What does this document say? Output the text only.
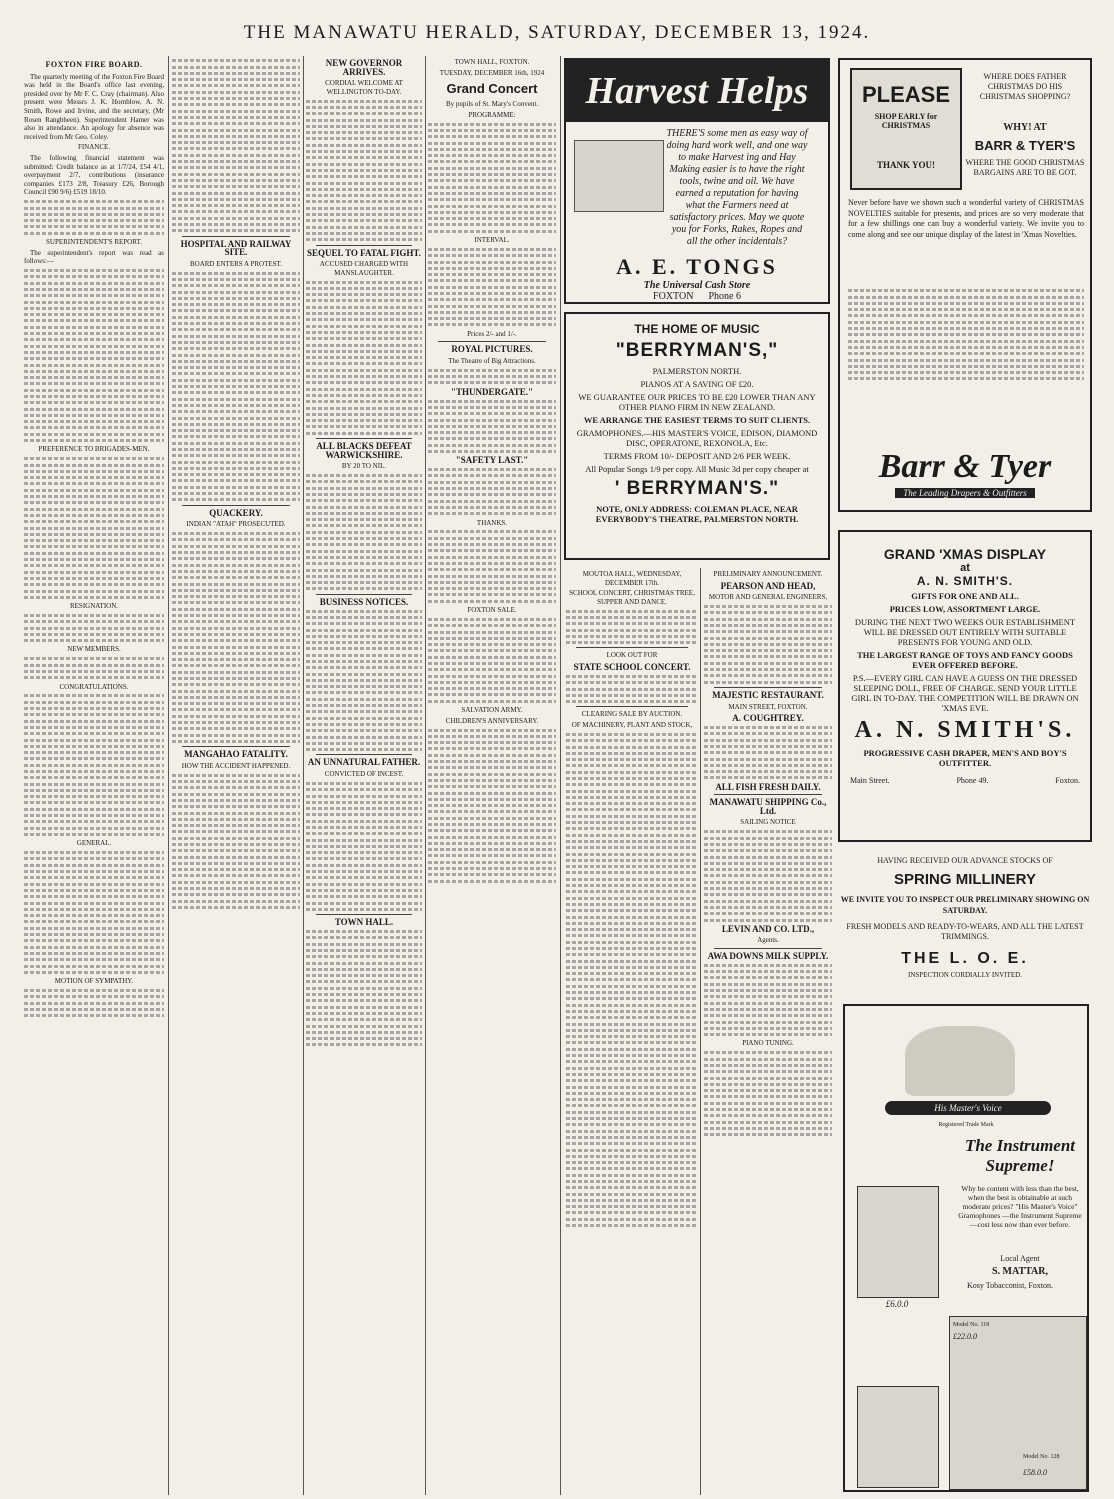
THE MANAWATU HERALD, SATURDAY, DECEMBER 13, 1924.
FOXTON FIRE BOARD.

The quarterly meeting of the Foxton Fire Board was held in the Board's office last evening, presided over by Mr F. C. Cray (chairman). Also present were Messrs J. K. Hornblow, A. N. Smith, Rowe and Irvine, and the secretary, (Mr Rosen Rangbheen). Superintendent Hamer was also in attendance. An apology for absence was received from Mr Geo. Coley.

FINANCE.

The following financial statement was submitted: Credit balance as at 1/7/24, £54 4/1, overpayment 2/7, contributions (insurance companies £173 2/8, Treasury £26, Borough Council £90 9/6) £519 18/10.

SUPERINTENDENT'S REPORT.

The superintendent's report was read as follows:—

PREFERENCE TO BRIGADES-MEN.
RESIGNATION.
NEW MEMBERS.
CONGRATULATIONS.
GENERAL.
MOTION OF SYMPATHY.
HOSPITAL AND RAILWAY SITE.
BOARD ENTERS A PROTEST.
QUACKERY.
INDIAN "ATAH" PROSECUTED.
MANGAHAO FATALITY.
HOW THE ACCIDENT HAPPENED.
NEW GOVERNOR ARRIVES.
CORDIAL WELCOME AT WELLINGTON TO-DAY.
SEQUEL TO FATAL FIGHT.
ACCUSED CHARGED WITH MANSLAUGHTER.
ALL BLACKS DEFEAT WARWICKSHIRE.
BY 20 TO NIL.
BUSINESS NOTICES.
AN UNNATURAL FATHER.
CONVICTED OF INCEST.
TOWN HALL.
TOWN HALL, FOXTON.
TUESDAY, DECEMBER 16th, 1924
Grand Concert
By pupils of St. Mary's Convent.
PROGRAMME:
INTERVAL.
Prices 2/- and 1/-.
ROYAL PICTURES.
The Theatre of Big Attractions.
"THUNDERGATE."
"SAFETY LAST."
THANKS.
FOXTON SALE.
SALVATION ARMY.
CHILDREN'S ANNIVERSARY.
Harvest Helps
THERE'S some men as easy way of doing hard work well, and one way to make Harvest ing and Hay Making easier is to have the right tools, twine and oil. We have earned a reputation for having what the Farmers need at satisfactory prices. May we quote you for Forks, Rakes, Ropes and all the other incidentals?
A. E. TONGS
The Universal Cash Store
FOXTON Phone 6
THE HOME OF MUSIC
"BERRYMAN'S,"

PALMERSTON NORTH.

PIANOS AT A SAVING OF £20.

WE GUARANTEE OUR PRICES TO BE £20 LOWER THAN ANY OTHER PIANO FIRM IN NEW ZEALAND.

WE ARRANGE THE EASIEST TERMS TO SUIT CLIENTS.

GRAMOPHONES.—HIS MASTER'S VOICE, EDISON, DIAMOND DISC, OPERATONE, REXONOLA, Etc.

TERMS FROM 10/- DEPOSIT AND 2/6 PER WEEK.

All Popular Songs 1/9 per copy. All Music 3d per copy cheaper at

' BERRYMAN'S."

NOTE, ONLY ADDRESS: COLEMAN PLACE, NEAR EVERYBODY'S THEATRE, PALMERSTON NORTH.

PLEASE
SHOP EARLY for CHRISTMAS
THANK YOU!
WHERE DOES FATHER CHRISTMAS DO HIS CHRISTMAS SHOPPING?
WHY! AT
BARR & TYER'S
WHERE THE GOOD CHRISTMAS BARGAINS ARE TO BE GOT.
Never before have we shown such a wonderful variety of CHRISTMAS NOVELTIES suitable for presents, and prices are so very moderate that for a few shillings one can buy a wonderful variety. We invite you to come along and see our unique display of the latest in 'Xmas Novelties.
Barr & Tyer
The Leading Drapers & Outfitters
GRAND 'XMAS DISPLAY
at
A. N. SMITH'S.

GIFTS FOR ONE AND ALL.

PRICES LOW, ASSORTMENT LARGE.

DURING THE NEXT TWO WEEKS OUR ESTABLISHMENT WILL BE DRESSED OUT ENTIRELY WITH SUITABLE PRESENTS FOR YOUNG AND OLD.

THE LARGEST RANGE OF TOYS AND FANCY GOODS EVER OFFERED BEFORE.

P.S.—EVERY GIRL CAN HAVE A GUESS ON THE DRESSED SLEEPING DOLL, FREE OF CHARGE. SEND YOUR LITTLE GIRL IN TO-DAY. THE COMPETITION WILL BE DRAWN ON 'XMAS EVE.

A. N. SMITH'S.

PROGRESSIVE CASH DRAPER, MEN'S AND BOY'S OUTFITTER.

Main Street.	Phone 49.	Foxton.
MOUTOA HALL, WEDNESDAY, DECEMBER 17th.
SCHOOL CONCERT, CHRISTMAS TREE, SUPPER AND DANCE.
LOOK OUT FOR
STATE SCHOOL CONCERT.
CLEARING SALE BY AUCTION.
OF MACHINERY, PLANT AND STOCK,
PRELIMINARY ANNOUNCEMENT.
PEARSON AND HEAD,
MOTOR AND GENERAL ENGINEERS,
MAJESTIC RESTAURANT.
MAIN STREET, FOXTON.
A. COUGHTREY.
ALL FISH FRESH DAILY.
MANAWATU SHIPPING Co., Ltd.
SAILING NOTICE
LEVIN AND CO. LTD.,
Agents.
AWA DOWNS MILK SUPPLY.
PIANO TUNING.
HAVING RECEIVED OUR ADVANCE STOCKS OF
SPRING MILLINERY
WE INVITE YOU TO INSPECT OUR PRELIMINARY SHOWING ON SATURDAY.
FRESH MODELS AND READY-TO-WEARS, AND ALL THE LATEST TRIMMINGS.
THE L. O. E.
INSPECTION CORDIALLY INVITED.
His Master's Voice
Registered Trade Mark
The Instrument Supreme!
Why be content with less than the best, when the best is obtainable at such moderate prices? "His Master's Voice" Gramophones —the Instrument Supreme—cost less now than ever before.
Local Agent
S. MATTAR,
Kosy Tobacconist, Foxton.
£6.0.0
Model No. 118
£22.0.0
Model No. 128
£58.0.0
